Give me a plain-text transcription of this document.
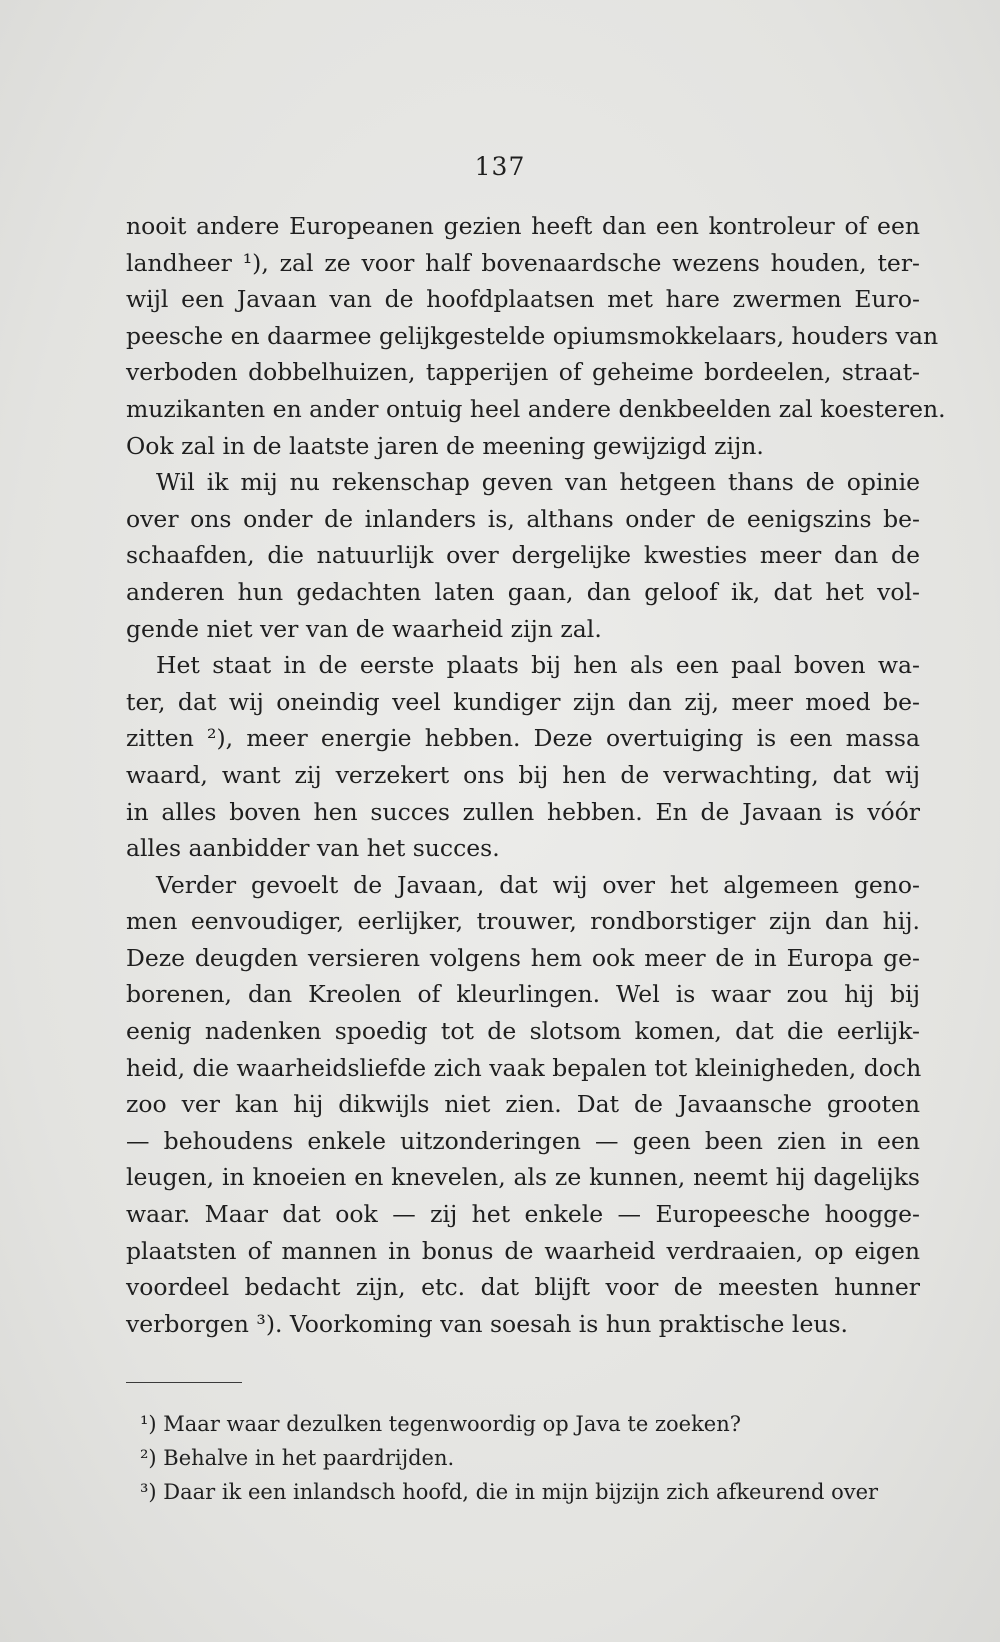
137
nooit andere Europeanen gezien heeft dan een kontroleur of een
landheer ¹), zal ze voor half bovenaardsche wezens houden, ter-
wijl een Javaan van de hoofdplaatsen met hare zwermen Euro-
peesche en daarmee gelijkgestelde opiumsmokkelaars, houders van
verboden dobbelhuizen, tapperijen of geheime bordeelen, straat-
muzikanten en ander ontuig heel andere denkbeelden zal koesteren.
Ook zal in de laatste jaren de meening gewijzigd zijn.
Wil ik mij nu rekenschap geven van hetgeen thans de opinie
over ons onder de inlanders is, althans onder de eenigszins be-
schaafden, die natuurlijk over dergelijke kwesties meer dan de
anderen hun gedachten laten gaan, dan geloof ik, dat het vol-
gende niet ver van de waarheid zijn zal.
Het staat in de eerste plaats bij hen als een paal boven wa-
ter, dat wij oneindig veel kundiger zijn dan zij, meer moed be-
zitten ²), meer energie hebben. Deze overtuiging is een massa
waard, want zij verzekert ons bij hen de verwachting, dat wij
in alles boven hen succes zullen hebben. En de Javaan is vóór
alles aanbidder van het succes.
Verder gevoelt de Javaan, dat wij over het algemeen geno-
men eenvoudiger, eerlijker, trouwer, rondborstiger zijn dan hij.
Deze deugden versieren volgens hem ook meer de in Europa ge-
borenen, dan Kreolen of kleurlingen. Wel is waar zou hij bij
eenig nadenken spoedig tot de slotsom komen, dat die eerlijk-
heid, die waarheidsliefde zich vaak bepalen tot kleinigheden, doch
zoo ver kan hij dikwijls niet zien. Dat de Javaansche grooten
— behoudens enkele uitzonderingen — geen been zien in een
leugen, in knoeien en knevelen, als ze kunnen, neemt hij dagelijks
waar. Maar dat ook — zij het enkele — Europeesche hoogge-
plaatsten of mannen in bonus de waarheid verdraaien, op eigen
voordeel bedacht zijn, etc. dat blijft voor de meesten hunner
verborgen ³). Voorkoming van soesah is hun praktische leus.
¹) Maar waar dezulken tegenwoordig op Java te zoeken?
²) Behalve in het paardrijden.
³) Daar ik een inlandsch hoofd, die in mijn bijzijn zich afkeurend over
